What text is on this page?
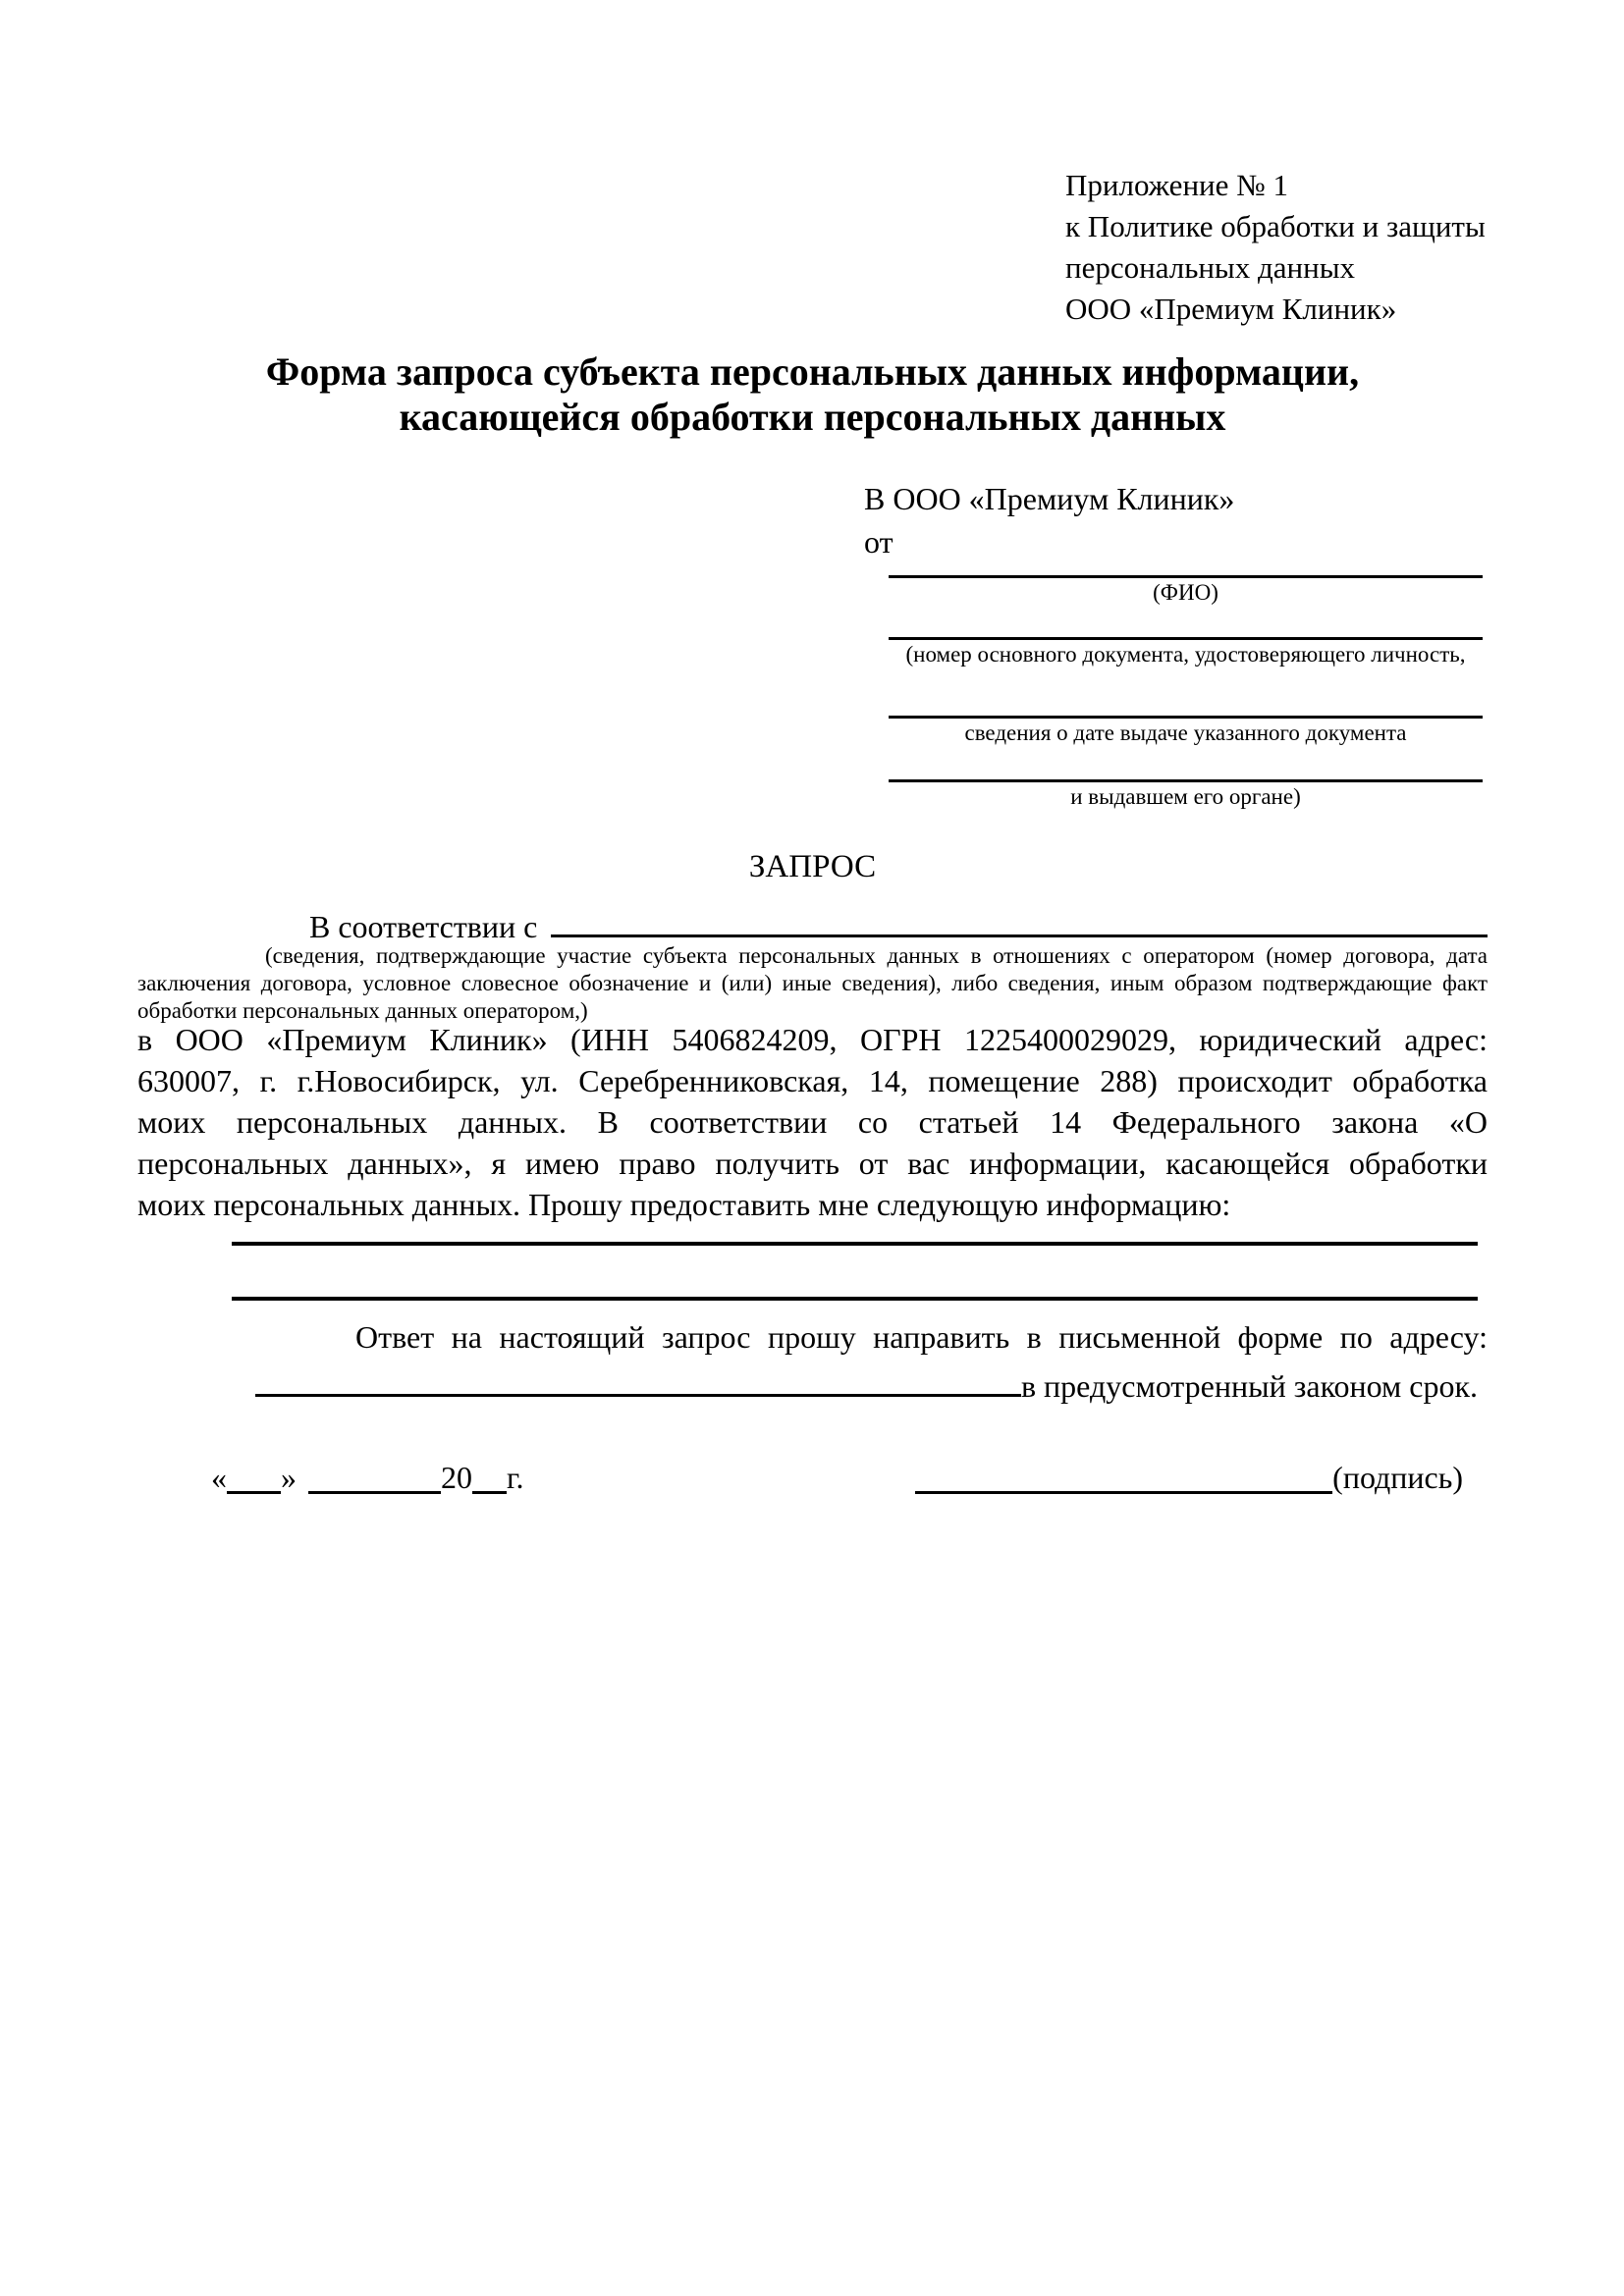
Приложение № 1
к Политике обработки и защиты
персональных данных
ООО «Премиум Клиник»
Форма запроса субъекта персональных данных информации,
касающейся обработки персональных данных
В ООО «Премиум Клиник»
от
(ФИО)
(номер основного документа, удостоверяющего личность,
сведения о дате выдаче указанного документа
и выдавшем его органе)
ЗАПРОС
В соответствии с
(сведения, подтверждающие участие субъекта персональных данных в отношениях с оператором (номер договора, дата
заключения договора, условное словесное обозначение и (или) иные сведения), либо сведения, иным образом подтверждающие факт
обработки персональных данных оператором,)
в ООО «Премиум Клиник» (ИНН 5406824209, ОГРН 1225400029029, юридический адрес:
630007, г. г.Новосибирск, ул. Серебренниковская, 14, помещение 288) происходит обработка
моих персональных данных. В соответствии со статьей 14 Федерального закона «О
персональных данных», я имею право получить от вас информации, касающейся обработки
моих персональных данных. Прошу предоставить мне следующую информацию:
Ответ на настоящий запрос прошу направить в письменной форме по адресу:
в предусмотренный законом срок.
« »	20 г.	(подпись)
